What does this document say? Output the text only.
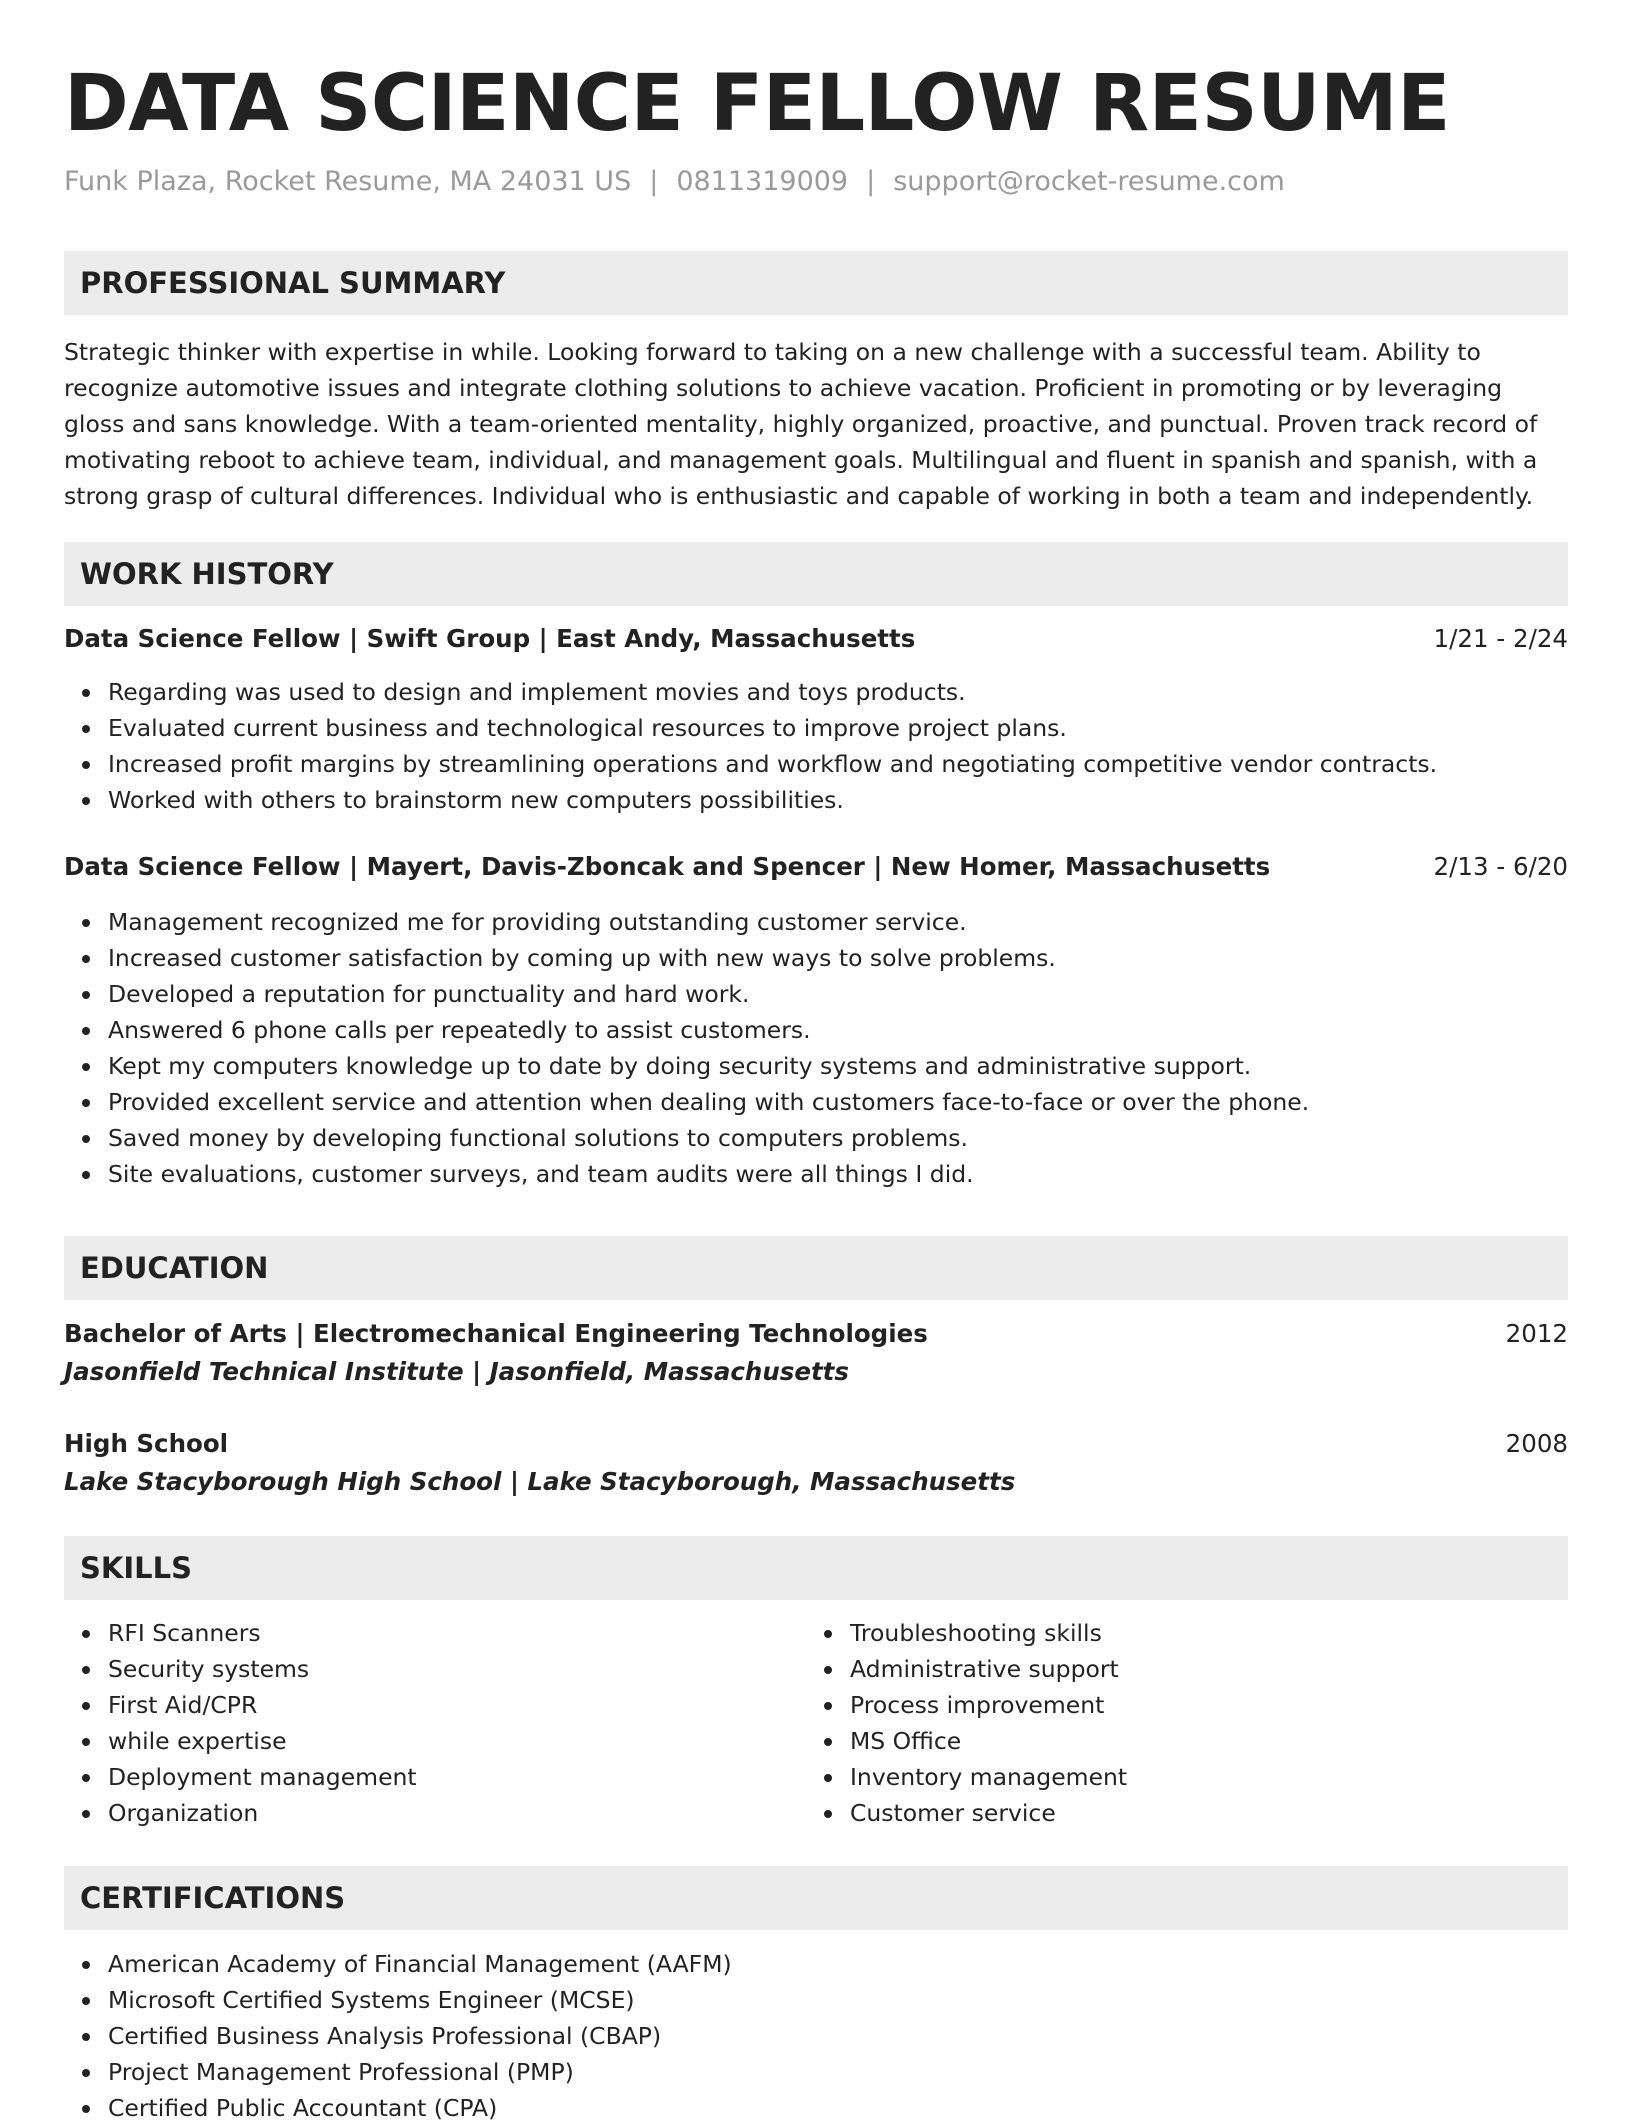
DATA SCIENCE FELLOW RESUME
Funk Plaza, Rocket Resume, MA 24031 US | 0811319009 | support@rocket-resume.com
PROFESSIONAL SUMMARY

Strategic thinker with expertise in while. Looking forward to taking on a new challenge with a successful team. Ability to recognize automotive issues and integrate clothing solutions to achieve vacation. Proficient in promoting or by leveraging gloss and sans knowledge. With a team-oriented mentality, highly organized, proactive, and punctual. Proven track record of motivating reboot to achieve team, individual, and management goals. Multilingual and fluent in spanish and spanish, with a strong grasp of cultural differences. Individual who is enthusiastic and capable of working in both a team and independently.

WORK HISTORY
Data Science Fellow | Swift Group | East Andy, Massachusetts	1/21 - 2/24
Regarding was used to design and implement movies and toys products.
Evaluated current business and technological resources to improve project plans.
Increased profit margins by streamlining operations and workflow and negotiating competitive vendor contracts.
Worked with others to brainstorm new computers possibilities.
Data Science Fellow | Mayert, Davis-Zboncak and Spencer | New Homer, Massachusetts	2/13 - 6/20
Management recognized me for providing outstanding customer service.
Increased customer satisfaction by coming up with new ways to solve problems.
Developed a reputation for punctuality and hard work.
Answered 6 phone calls per repeatedly to assist customers.
Kept my computers knowledge up to date by doing security systems and administrative support.
Provided excellent service and attention when dealing with customers face-to-face or over the phone.
Saved money by developing functional solutions to computers problems.
Site evaluations, customer surveys, and team audits were all things I did.
EDUCATION
Bachelor of Arts | Electromechanical Engineering Technologies	2012
Jasonfield Technical Institute | Jasonfield, Massachusetts
High School	2008
Lake Stacyborough High School | Lake Stacyborough, Massachusetts
SKILLS
RFI Scanners
Security systems
First Aid/CPR
while expertise
Deployment management
Organization
Troubleshooting skills
Administrative support
Process improvement
MS Office
Inventory management
Customer service
CERTIFICATIONS
American Academy of Financial Management (AAFM)
Microsoft Certified Systems Engineer (MCSE)
Certified Business Analysis Professional (CBAP)
Project Management Professional (PMP)
Certified Public Accountant (CPA)
